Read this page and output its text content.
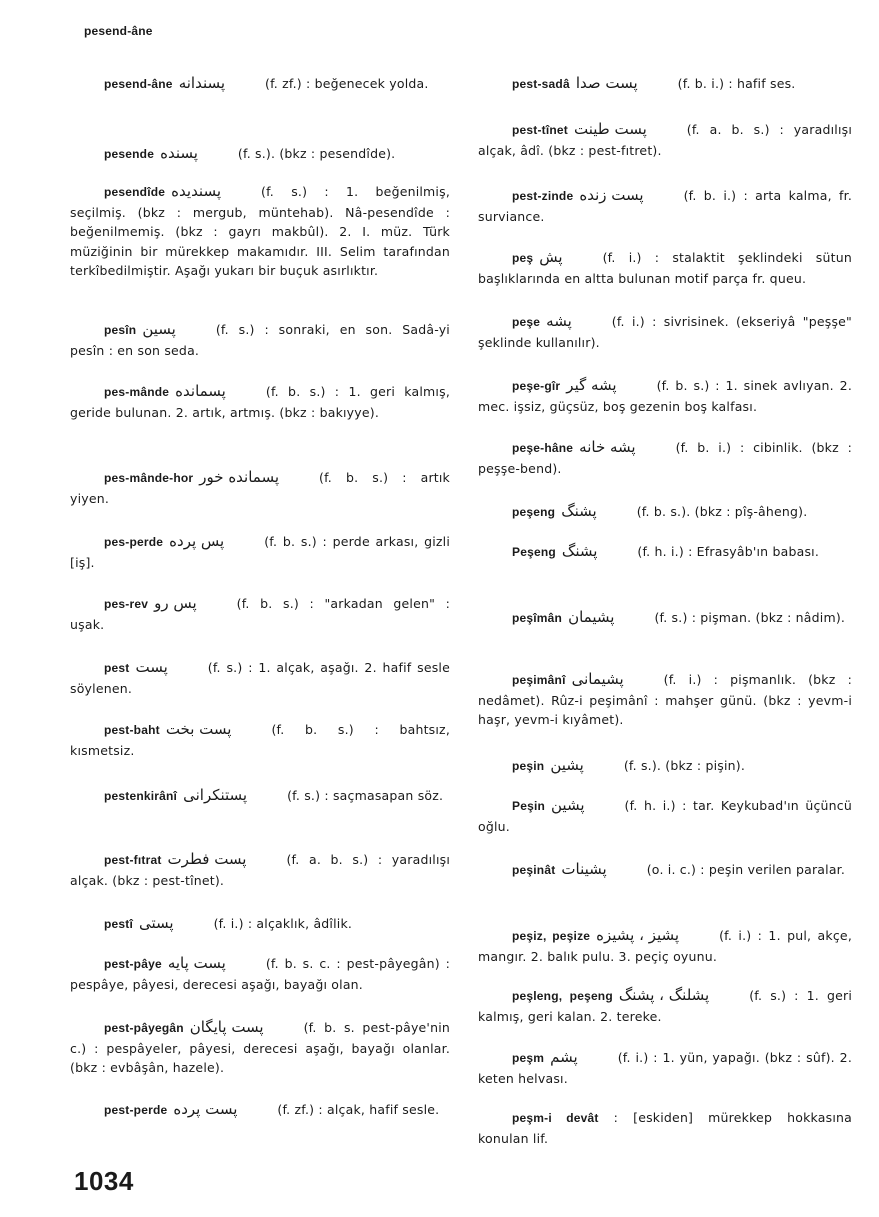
pesend-âne
pesend-âne پسندانه	(f. zf.) : beğenecek yolda.
pesende پسنده	(f. s.). (bkz : pesendîde).
pesendîde پسندیده	(f. s.) : 1. beğenilmiş, seçilmiş. (bkz : mergub, müntehab). Nâ-pesendîde : beğenilmemiş. (bkz : gayrı makbûl). 2. I. müz. Türk müziğinin bir mürekkep makamıdır. III. Selim tarafından terkîbedilmiştir. Aşağı yukarı bir buçuk asırlıktır.
pesîn پسین	(f. s.) : sonraki, en son. Sadâ-yi pesîn : en son seda.
pes-mânde پسمانده	(f. b. s.) : 1. geri kalmış, geride bulunan. 2. artık, artmış. (bkz : bakıyye).
pes-mânde-hor پسمانده خور	(f. b. s.) : artık yiyen.
pes-perde پس پرده	(f. b. s.) : perde arkası, gizli [iş].
pes-rev پس رو	(f. b. s.) : "arkadan gelen" : uşak.
pest پست	(f. s.) : 1. alçak, aşağı. 2. hafif sesle söylenen.
pest-baht پست بخت	(f. b. s.) : bahtsız, kısmetsiz.
pestenkirânî پستنکرانی	(f. s.) : saçmasapan söz.
pest-fıtrat پست فطرت	(f. a. b. s.) : yaradılışı alçak. (bkz : pest-tînet).
pestî پستی	(f. i.) : alçaklık, âdîlik.
pest-pâye پست پایه	(f. b. s. c. : pest-pâyegân) : pespâye, pâyesi, derecesi aşağı, bayağı olan.
pest-pâyegân پست پایگان	(f. b. s. pest-pâye'nin c.) : pespâyeler, pâyesi, derecesi aşağı, bayağı olanlar. (bkz : evbâşân, hazele).
pest-perde پست پرده	(f. zf.) : alçak, hafif sesle.
pest-sadâ پست صدا	(f. b. i.) : hafif ses.
pest-tînet پست طینت	(f. a. b. s.) : yaradılışı alçak, âdî. (bkz : pest-fıtret).
pest-zinde پست زنده	(f. b. i.) : arta kalma, fr. surviance.
peş پش	(f. i.) : stalaktit şeklindeki sütun başlıklarında en altta bulunan motif parça fr. queu.
peşe پشه	(f. i.) : sivrisinek. (ekseriyâ "peşşe" şeklinde kullanılır).
peşe-gîr پشه گیر	(f. b. s.) : 1. sinek avlıyan. 2. mec. işsiz, güçsüz, boş gezenin boş kalfası.
peşe-hâne پشه خانه	(f. b. i.) : cibinlik. (bkz : peşşe-bend).
peşeng پشنگ	(f. b. s.). (bkz : pîş-âheng).
Peşeng پشنگ	(f. h. i.) : Efrasyâb'ın babası.
peşîmân پشیمان	(f. s.) : pişman. (bkz : nâdim).
peşimânî پشیمانی	(f. i.) : pişmanlık. (bkz : nedâmet). Rûz-i peşimânî : mahşer günü. (bkz : yevm-i haşr, yevm-i kıyâmet).
peşin پشین	(f. s.). (bkz : pişin).
Peşin پشین	(f. h. i.) : tar. Keykubad'ın üçüncü oğlu.
peşinât پشینات	(o. i. c.) : peşin verilen paralar.
peşiz, peşize پشیز ، پشیزه	(f. i.) : 1. pul, akçe, mangır. 2. balık pulu. 3. peçiç oyunu.
peşleng, peşeng پشلنگ ، پشنگ	(f. s.) : 1. geri kalmış, geri kalan. 2. tereke.
peşm پشم	(f. i.) : 1. yün, yapağı. (bkz : sûf). 2. keten helvası.
peşm-i devât : [eskiden] mürekkep hokkasına konulan lif.
1034
